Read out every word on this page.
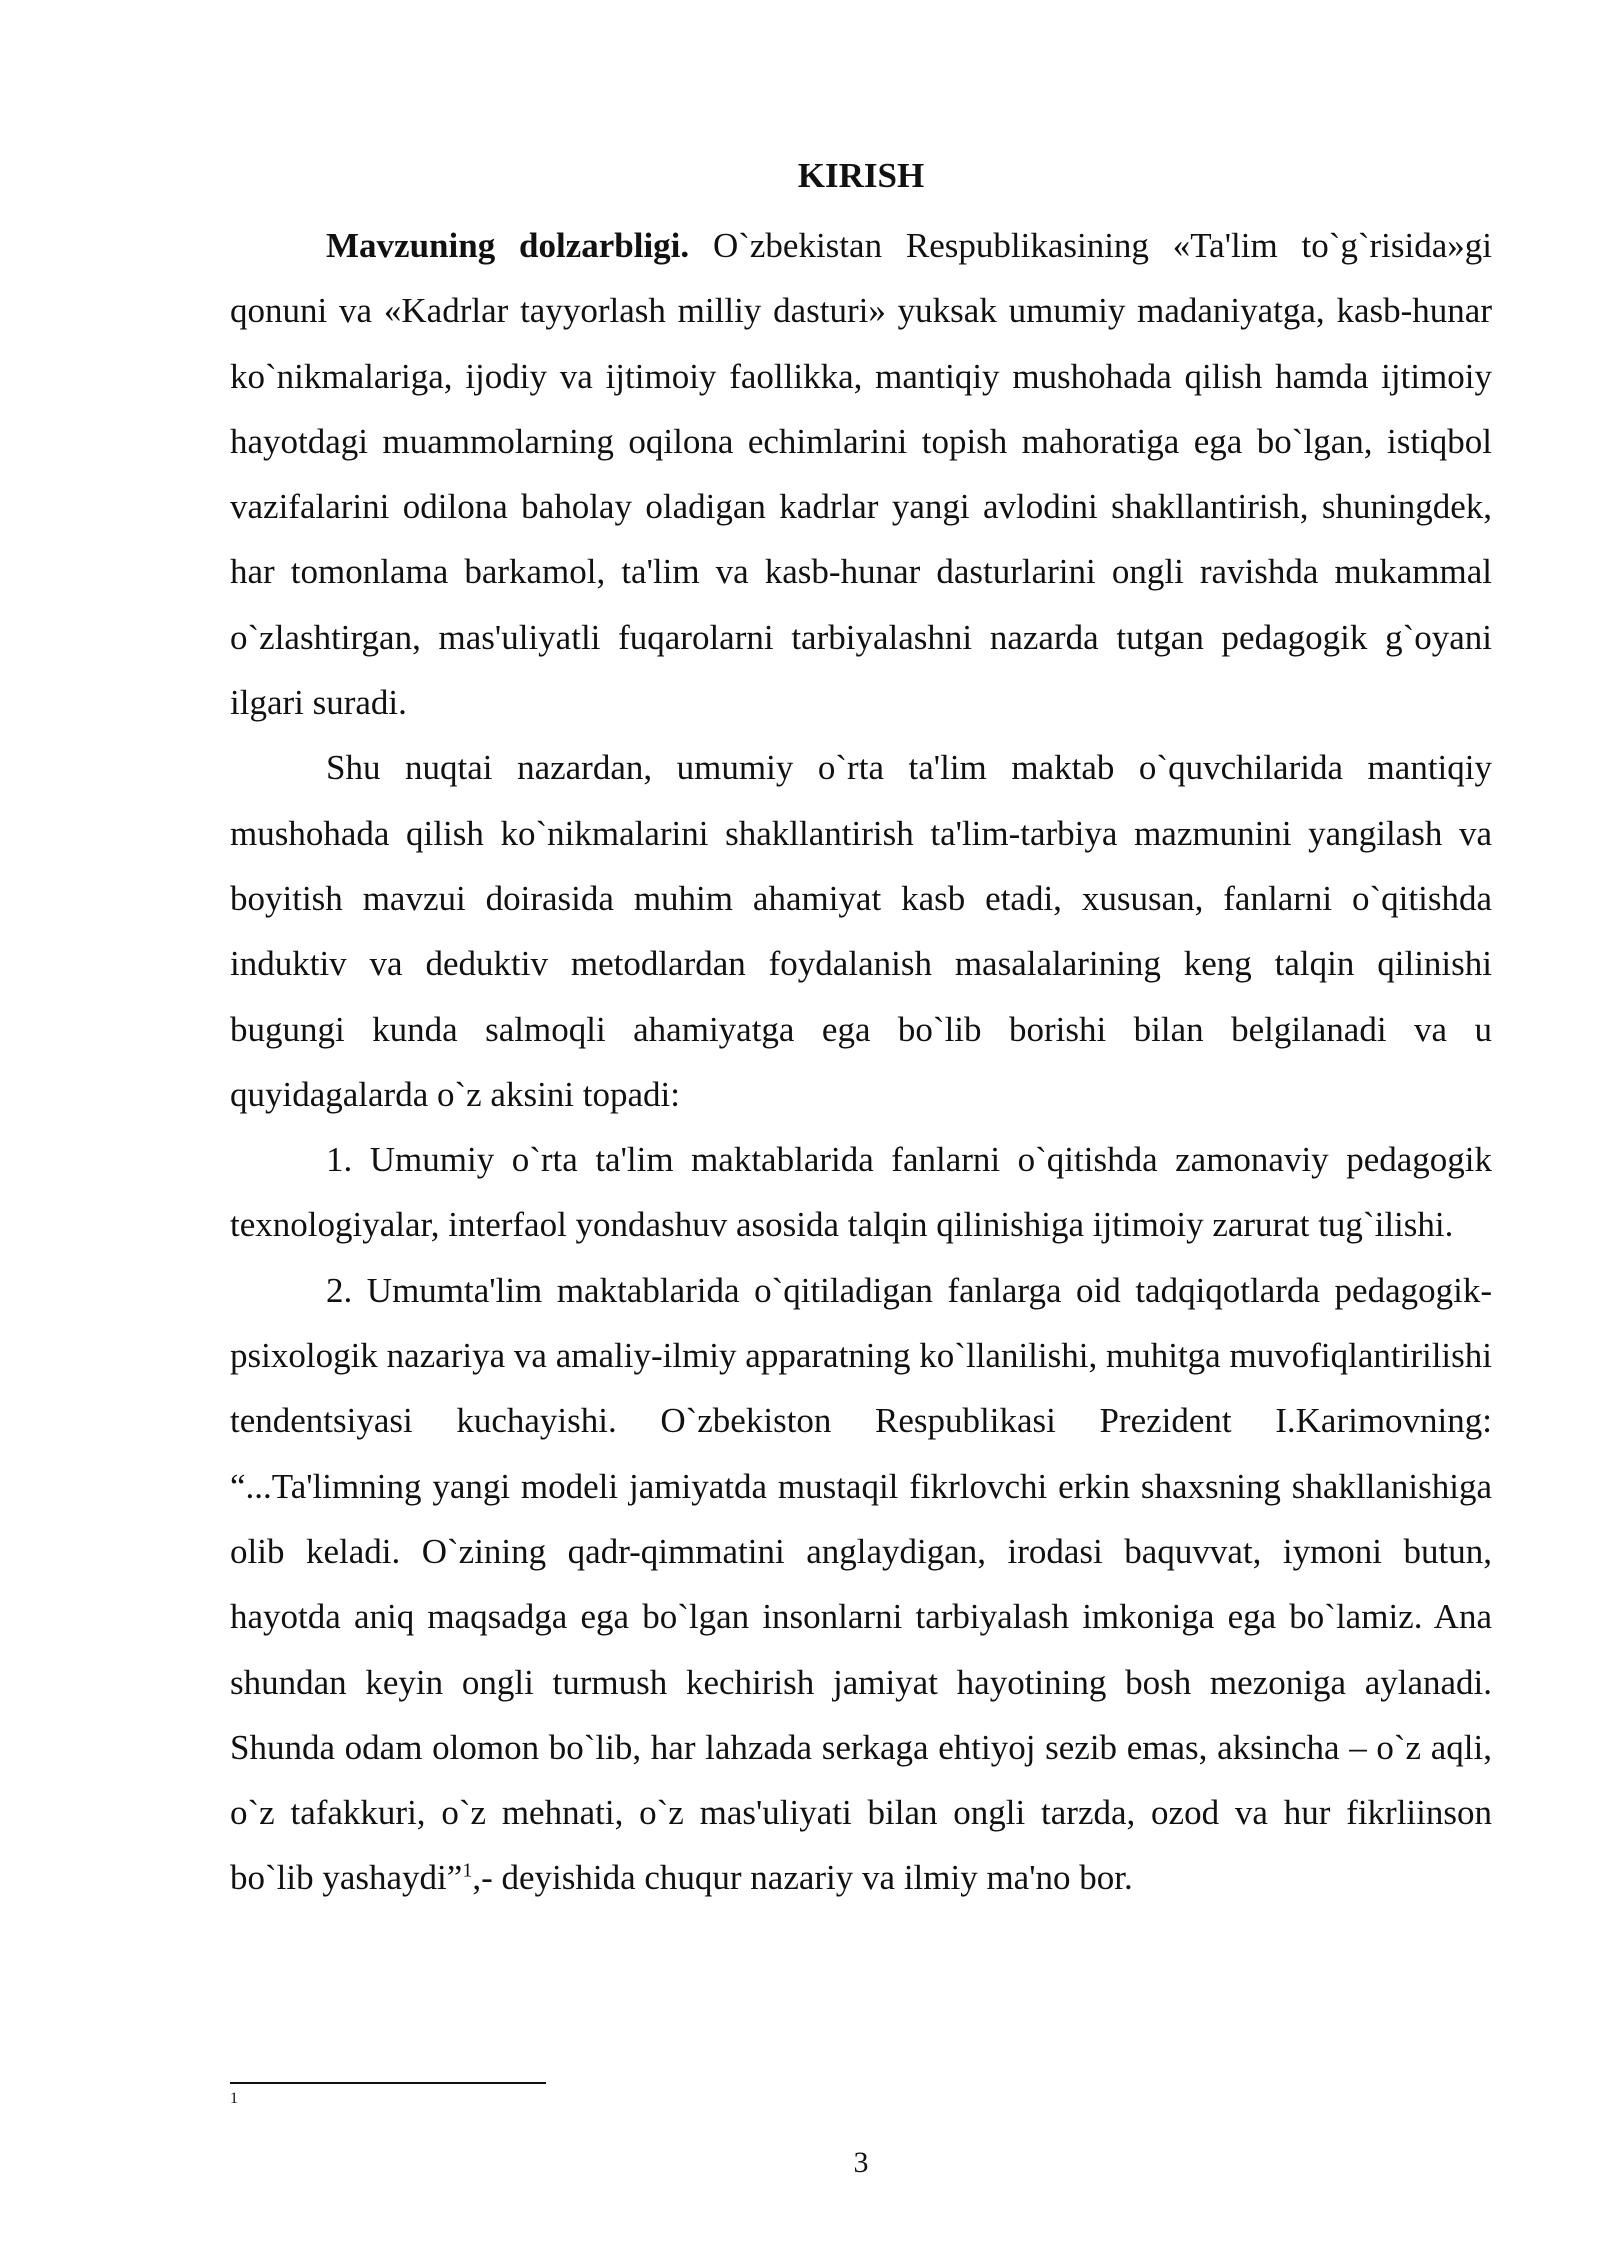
KIRISH

Mavzuning dolzarbligi. O`zbekistan Respublikasining «Ta'lim to`g`risida»gi qonuni va «Kadrlar tayyorlash milliy dasturi» yuksak umumiy madaniyatga, kasb-hunar ko`nikmalariga, ijodiy va ijtimoiy faollikka, mantiqiy mushohada qilish hamda ijtimoiy hayotdagi muammolarning oqilona echimlarini topish mahoratiga ega bo`lgan, istiqbol vazifalarini odilona baholay oladigan kadrlar yangi avlodini shakllantirish, shuningdek, har tomonlama barkamol, ta'lim va kasb-hunar dasturlarini ongli ravishda mukammal o`zlashtirgan, mas'uliyatli fuqarolarni tarbiyalashni nazarda tutgan pedagogik g`oyani ilgari suradi.

Shu nuqtai nazardan, umumiy o`rta ta'lim maktab o`quvchilarida mantiqiy mushohada qilish ko`nikmalarini shakllantirish ta'lim-tarbiya mazmunini yangilash va boyitish mavzui doirasida muhim ahamiyat kasb etadi, xususan, fanlarni o`qitishda induktiv va deduktiv metodlardan foydalanish masalalarining keng talqin qilinishi bugungi kunda salmoqli ahamiyatga ega bo`lib borishi bilan belgilanadi va u quyidagalarda o`z aksini topadi:

1. Umumiy o`rta ta'lim maktablarida fanlarni o`qitishda zamonaviy pedagogik texnologiyalar, interfaol yondashuv asosida talqin qilinishiga ijtimoiy zarurat tug`ilishi.

2. Umumta'lim maktablarida o`qitiladigan fanlarga oid tadqiqotlarda pedagogik-psixologik nazariya va amaliy-ilmiy apparatning ko`llanilishi, muhitga muvofiqlantirilishi tendentsiyasi kuchayishi. O`zbekiston Respublikasi Prezident I.Karimovning: “...Ta'limning yangi modeli jamiyatda mustaqil fikrlovchi erkin shaxsning shakllanishiga olib keladi. O`zining qadr-qimmatini anglaydigan, irodasi baquvvat, iymoni butun, hayotda aniq maqsadga ega bo`lgan insonlarni tarbiyalash imkoniga ega bo`lamiz. Ana shundan keyin ongli turmush kechirish jamiyat hayotining bosh mezoniga aylanadi. Shunda odam olomon bo`lib, har lahzada serkaga ehtiyoj sezib emas, aksincha – o`z aqli, o`z tafakkuri, o`z mehnati, o`z mas'uliyati bilan ongli tarzda, ozod va hur fikrliinson bo`lib yashaydi”$^1$,- deyishida chuqur nazariy va ilmiy ma'no bor.

1
3
